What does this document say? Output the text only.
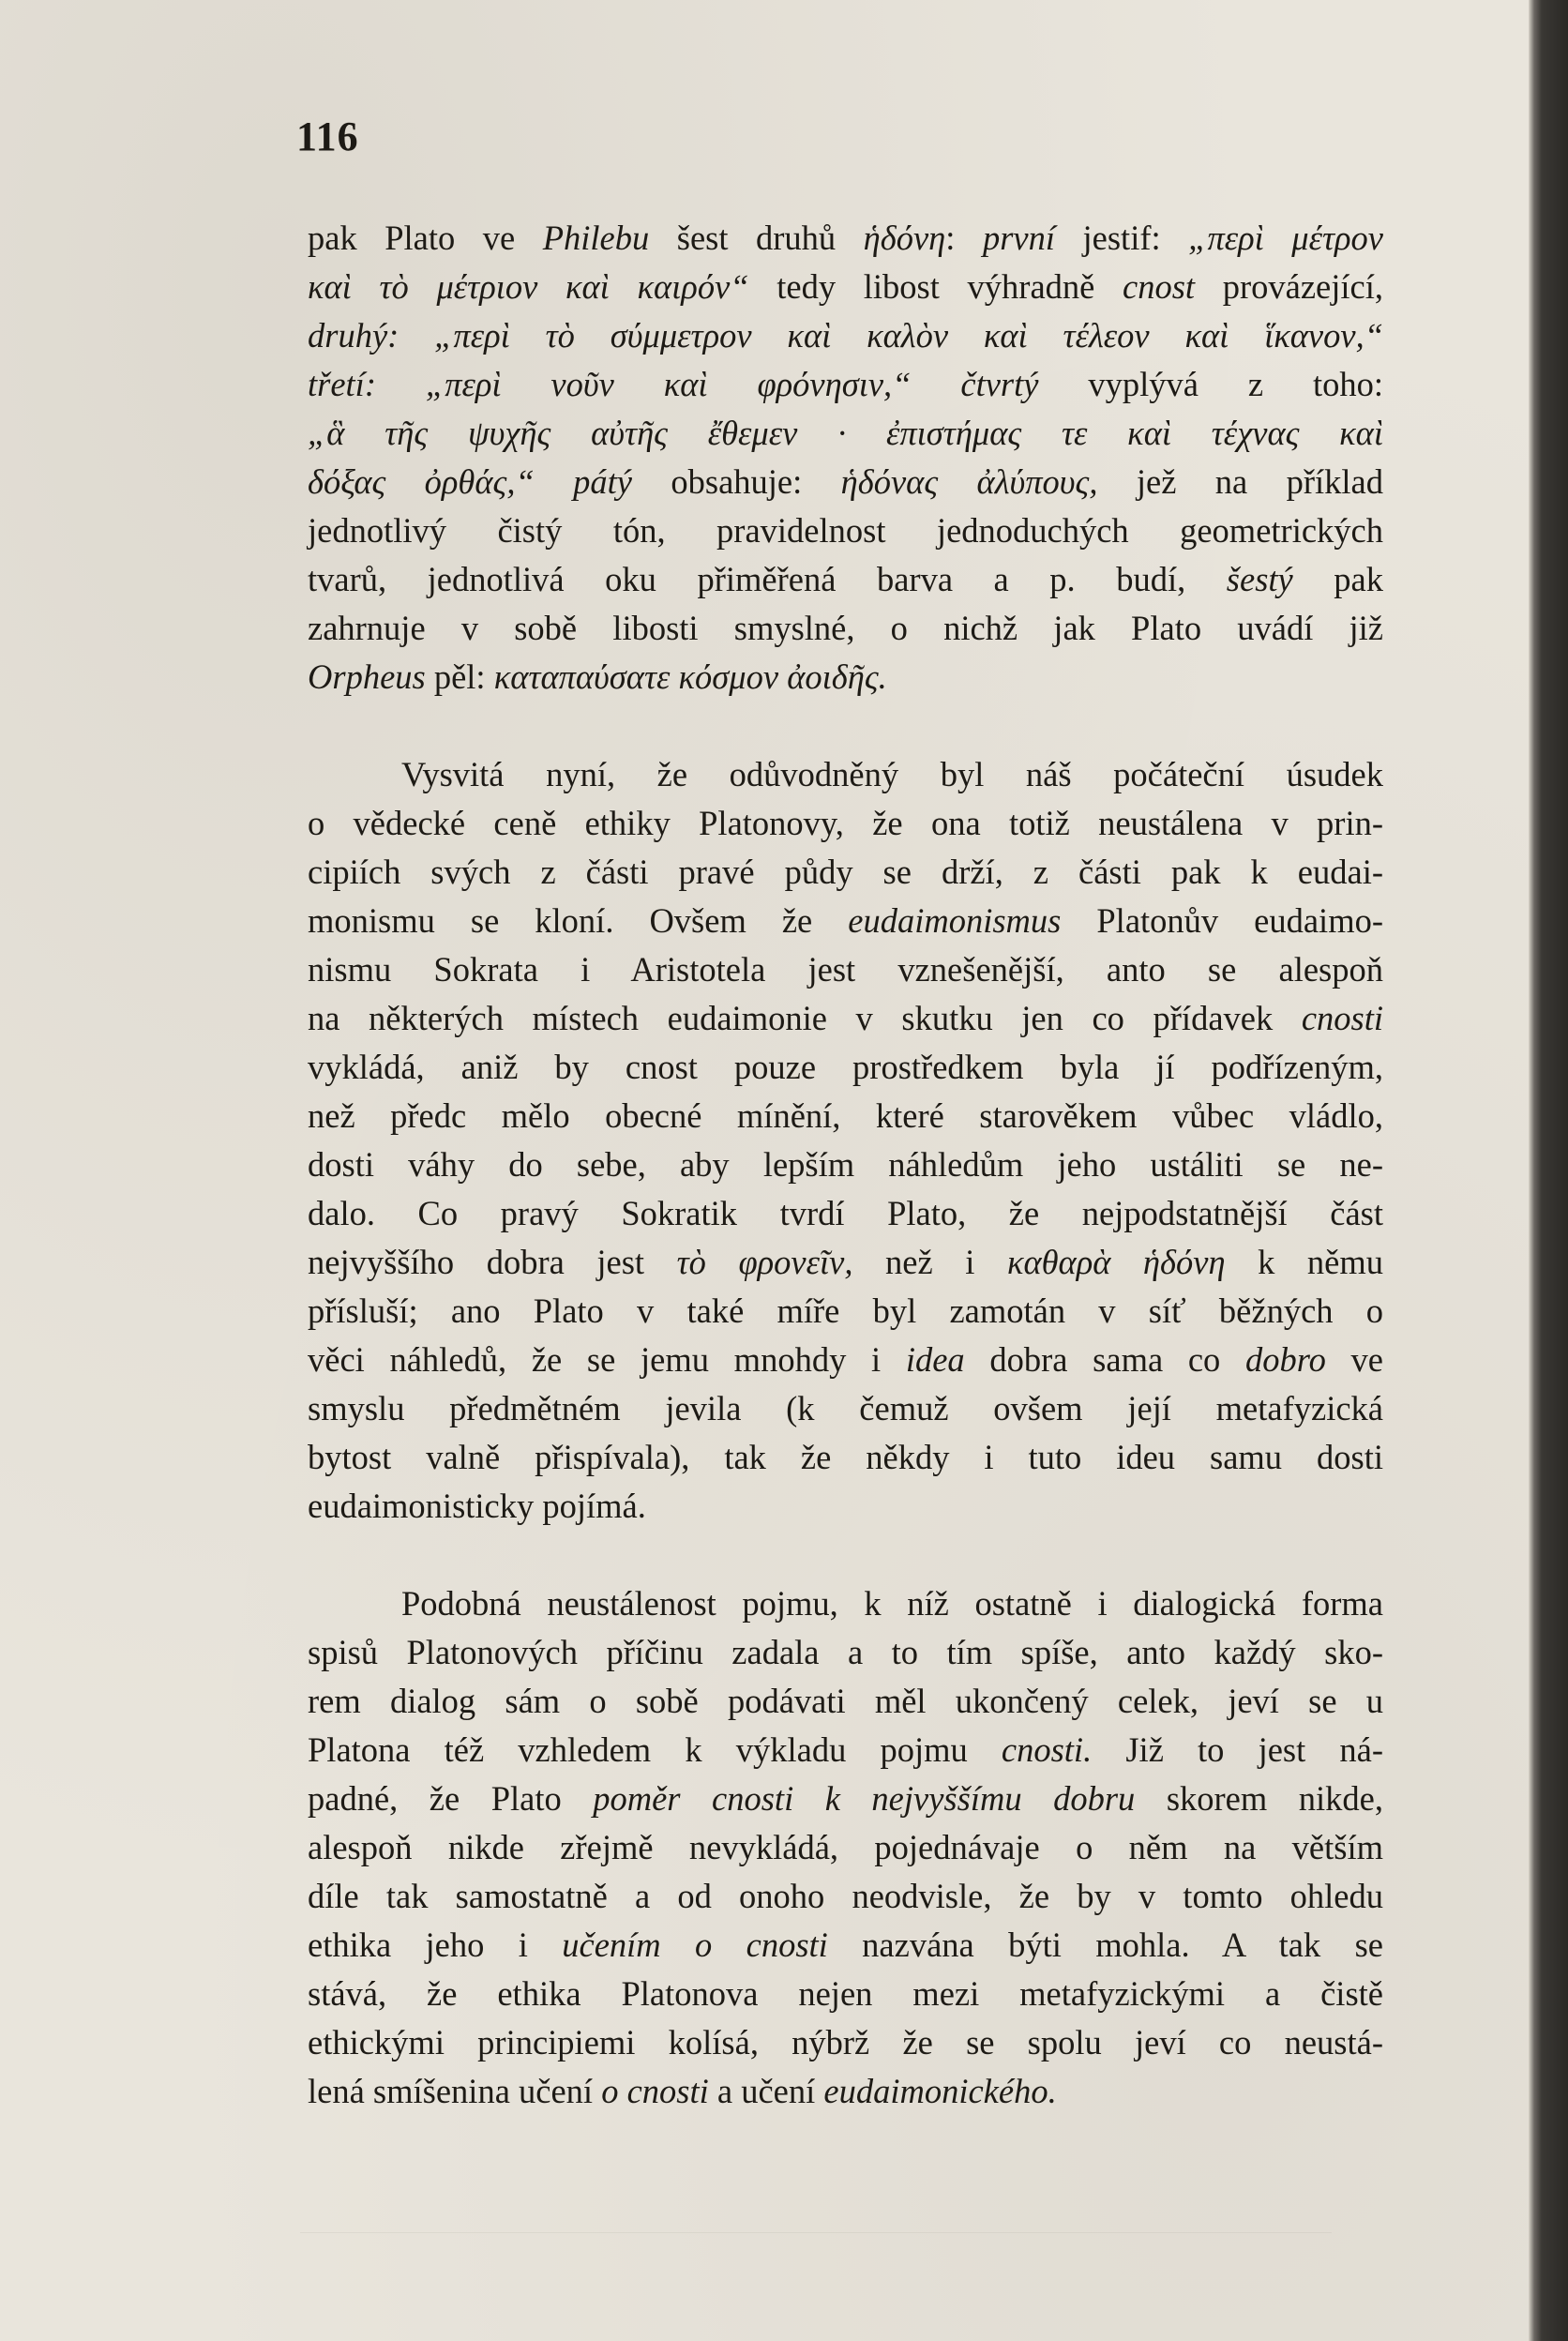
116
pak Plato ve Philebu šest druhů ἡδόνη: první jestif: „περὶ μέτρον
καὶ τὸ μέτριον καὶ καιρόν“ tedy libost výhradně cnost provázející,
druhý: „περὶ τὸ σύμμετρον καὶ καλὸν καὶ τέλεον καὶ ἵκανον,“
třetí: „περὶ νοῦν καὶ φρόνησιν,“ čtvrtý vyplývá z toho:
„ἃ τῆς ψυχῆς αὐτῆς ἔθεμεν · ἐπιστήμας τε καὶ τέχνας καὶ
δόξας ὀρθάς,“ pátý obsahuje: ἡδόνας ἀλύπους, jež na příklad
jednotlivý čistý tón, pravidelnost jednoduchých geometrických
tvarů, jednotlivá oku přiměřená barva a p. budí, šestý pak
zahrnuje v sobě libosti smyslné, o nichž jak Plato uvádí již
Orpheus pěl: καταπαύσατε κόσμον ἀοιδῆς.
Vysvitá nyní, že odůvodněný byl náš počáteční úsudek
o vědecké ceně ethiky Platonovy, že ona totiž neustálena v prin-
cipiích svých z části pravé půdy se drží, z části pak k eudai-
monismu se kloní. Ovšem že eudaimonismus Platonův eudaimo-
nismu Sokrata i Aristotela jest vznešenější, anto se alespoň
na některých místech eudaimonie v skutku jen co přídavek cnosti
vykládá, aniž by cnost pouze prostředkem byla jí podřízeným,
než předc mělo obecné mínění, které starověkem vůbec vládlo,
dosti váhy do sebe, aby lepším náhledům jeho ustáliti se ne-
dalo. Co pravý Sokratik tvrdí Plato, že nejpodstatnější část
nejvyššího dobra jest τὸ φρονεῖν, než i καθαρὰ ἡδόνη k němu
přísluší; ano Plato v také míře byl zamotán v síť běžných o
věci náhledů, že se jemu mnohdy i idea dobra sama co dobro ve
smyslu předmětném jevila (k čemuž ovšem její metafyzická
bytost valně přispívala), tak že někdy i tuto ideu samu dosti
eudaimonisticky pojímá.
Podobná neustálenost pojmu, k níž ostatně i dialogická forma
spisů Platonových příčinu zadala a to tím spíše, anto každý sko-
rem dialog sám o sobě podávati měl ukončený celek, jeví se u
Platona též vzhledem k výkladu pojmu cnosti. Již to jest ná-
padné, že Plato poměr cnosti k nejvyššímu dobru skorem nikde,
alespoň nikde zřejmě nevykládá, pojednávaje o něm na větším
díle tak samostatně a od onoho neodvisle, že by v tomto ohledu
ethika jeho i učením o cnosti nazvána býti mohla. A tak se
stává, že ethika Platonova nejen mezi metafyzickými a čistě
ethickými principiemi kolísá, nýbrž že se spolu jeví co neustá-
lená smíšenina učení o cnosti a učení eudaimonického.
